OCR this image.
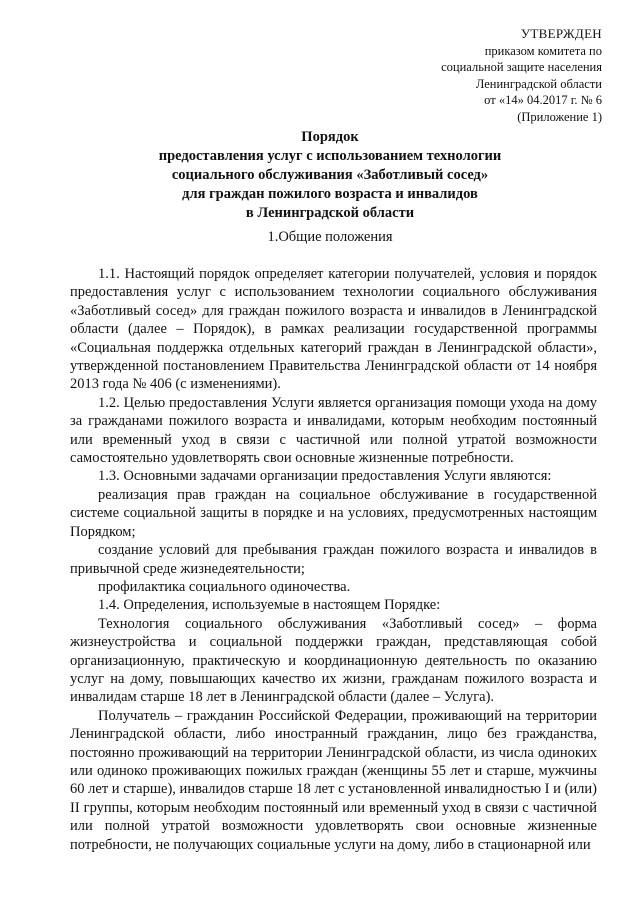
УТВЕРЖДЕН
приказом комитета по
социальной защите населения
Ленинградской области
от «14» 04.2017 г. № 6
(Приложение 1)
Порядок
предоставления услуг с использованием технологии
социального обслуживания «Заботливый сосед»
для граждан пожилого возраста и инвалидов
в Ленинградской области
1.Общие положения

1.1. Настоящий порядок определяет категории получателей, условия и порядок предоставления услуг с использованием технологии социального обслуживания «Заботливый сосед» для граждан пожилого возраста и инвалидов в Ленинградской области (далее – Порядок), в рамках реализации государственной программы «Социальная поддержка отдельных категорий граждан в Ленинградской области», утвержденной постановлением Правительства Ленинградской области от 14 ноября 2013 года № 406 (с изменениями).

1.2. Целью предоставления Услуги является организация помощи ухода на дому за гражданами пожилого возраста и инвалидами, которым необходим постоянный или временный уход в связи с частичной или полной утратой возможности самостоятельно удовлетворять свои основные жизненные потребности.

1.3. Основными задачами организации предоставления Услуги являются:

реализация прав граждан на социальное обслуживание в государственной системе социальной защиты в порядке и на условиях, предусмотренных настоящим Порядком;

создание условий для пребывания граждан пожилого возраста и инвалидов в привычной среде жизнедеятельности;

профилактика социального одиночества.

1.4. Определения, используемые в настоящем Порядке:

Технология социального обслуживания «Заботливый сосед» – форма жизнеустройства и социальной поддержки граждан, представляющая собой организационную, практическую и координационную деятельность по оказанию услуг на дому, повышающих качество их жизни, гражданам пожилого возраста и инвалидам старше 18 лет в Ленинградской области (далее – Услуга).

Получатель – гражданин Российской Федерации, проживающий на территории Ленинградской области, либо иностранный гражданин, лицо без гражданства, постоянно проживающий на территории Ленинградской области, из числа одиноких или одиноко проживающих пожилых граждан (женщины 55 лет и старше, мужчины 60 лет и старше), инвалидов старше 18 лет с установленной инвалидностью I и (или) II группы, которым необходим постоянный или временный уход в связи с частичной или полной утратой возможности удовлетворять свои основные жизненные потребности, не получающих социальные услуги на дому, либо в стационарной или
